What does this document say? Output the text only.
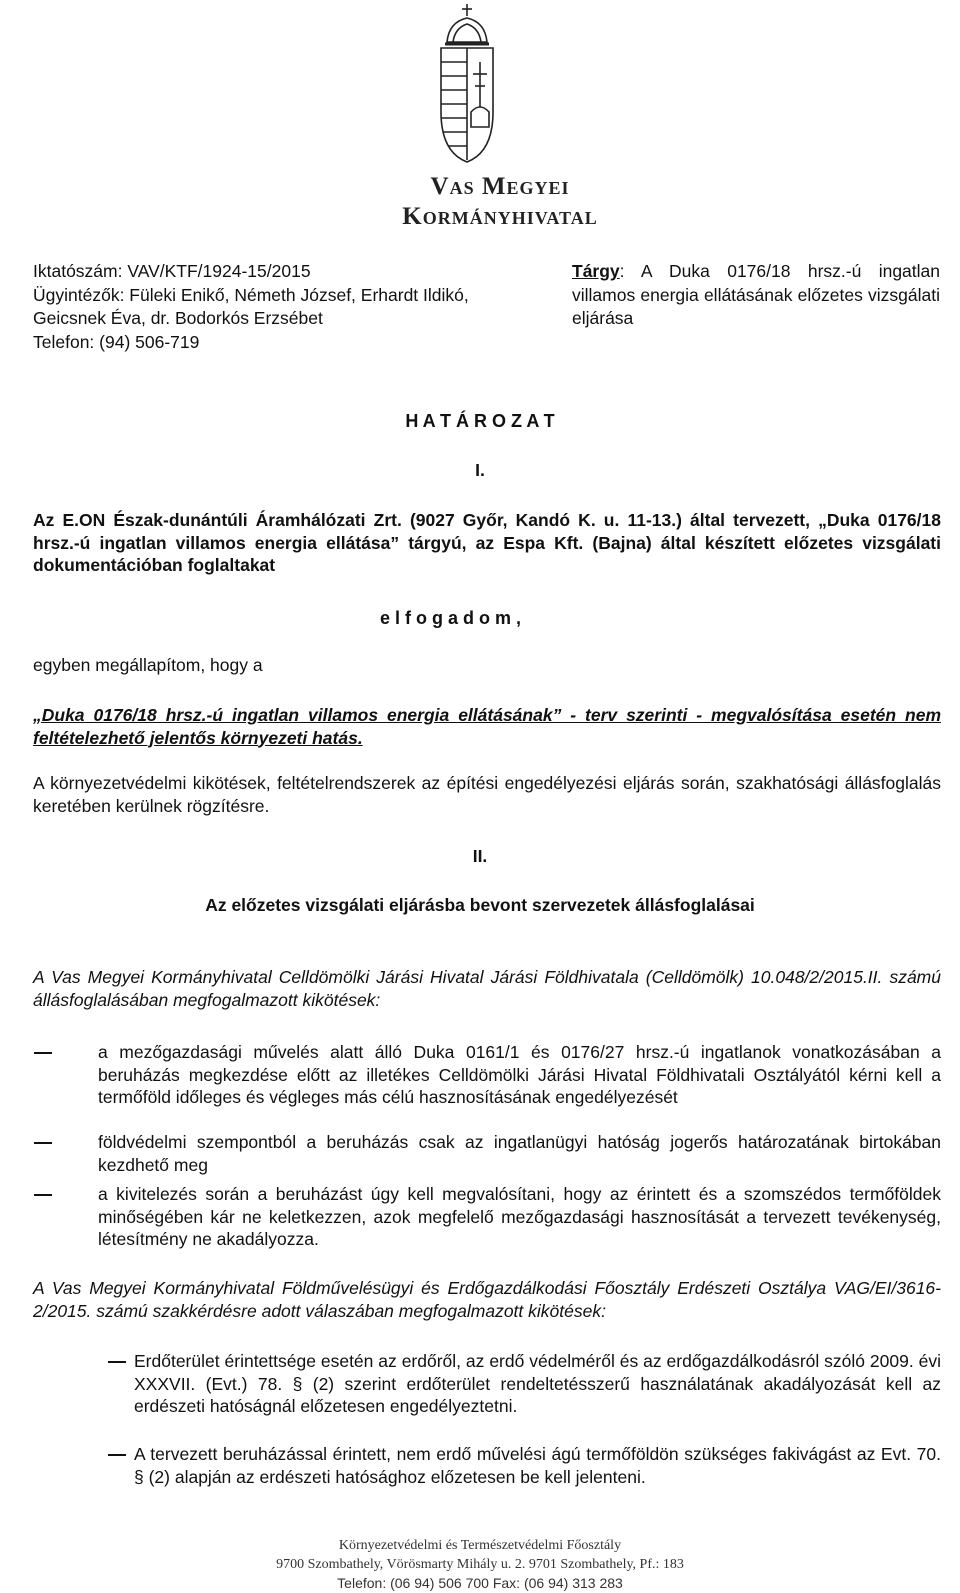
Vas Megyei
Kormányhivatal
Iktatószám: VAV/KTF/1924-15/2015
Ügyintézők: Füleki Enikő, Németh József, Erhardt Ildikó,
Geicsnek Éva, dr. Bodorkós Erzsébet
Telefon: (94) 506-719
Tárgy: A Duka 0176/18 hrsz.-ú ingatlan villamos energia ellátásának előzetes vizsgálati eljárása
H A T Á R O Z A T
I.
Az E.ON Észak-dunántúli Áramhálózati Zrt. (9027 Győr, Kandó K. u. 11-13.) által tervezett, „Duka 0176/18 hrsz.-ú ingatlan villamos energia ellátása” tárgyú, az Espa Kft. (Bajna) által készített előzetes vizsgálati dokumentációban foglaltakat
e l f o g a d o m ,
egyben megállapítom, hogy a
„Duka 0176/18 hrsz.-ú ingatlan villamos energia ellátásának” - terv szerinti - megvalósítása esetén nem feltételezhető jelentős környezeti hatás.
A környezetvédelmi kikötések, feltételrendszerek az építési engedélyezési eljárás során, szakhatósági állásfoglalás keretében kerülnek rögzítésre.
II.
Az előzetes vizsgálati eljárásba bevont szervezetek állásfoglalásai
A Vas Megyei Kormányhivatal Celldömölki Járási Hivatal Járási Földhivatala (Celldömölk) 10.048/2/2015.II. számú állásfoglalásában megfogalmazott kikötések:
a mezőgazdasági művelés alatt álló Duka 0161/1 és 0176/27 hrsz.-ú ingatlanok vonatkozásában a beruházás megkezdése előtt az illetékes Celldömölki Járási Hivatal Földhivatali Osztályától kérni kell a termőföld időleges és végleges más célú hasznosításának engedélyezését
földvédelmi szempontból a beruházás csak az ingatlanügyi hatóság jogerős határozatának birtokában kezdhető meg
a kivitelezés során a beruházást úgy kell megvalósítani, hogy az érintett és a szomszédos termőföldek minőségében kár ne keletkezzen, azok megfelelő mezőgazdasági hasznosítását a tervezett tevékenység, létesítmény ne akadályozza.
A Vas Megyei Kormányhivatal Földművelésügyi és Erdőgazdálkodási Főosztály Erdészeti Osztálya VAG/EI/3616-2/2015. számú szakkérdésre adott válaszában megfogalmazott kikötések:
Erdőterület érintettsége esetén az erdőről, az erdő védelméről és az erdőgazdálkodásról szóló 2009. évi XXXVII. (Evt.) 78. § (2) szerint erdőterület rendeltetésszerű használatának akadályozását kell az erdészeti hatóságnál előzetesen engedélyeztetni.
A tervezett beruházással érintett, nem erdő művelési ágú termőföldön szükséges fakivágást az Evt. 70. § (2) alapján az erdészeti hatósághoz előzetesen be kell jelenteni.
Környezetvédelmi és Természetvédelmi Főosztály
9700 Szombathely, Vörösmarty Mihály u. 2. 9701 Szombathely, Pf.: 183
Telefon: (06 94) 506 700 Fax: (06 94) 313 283
